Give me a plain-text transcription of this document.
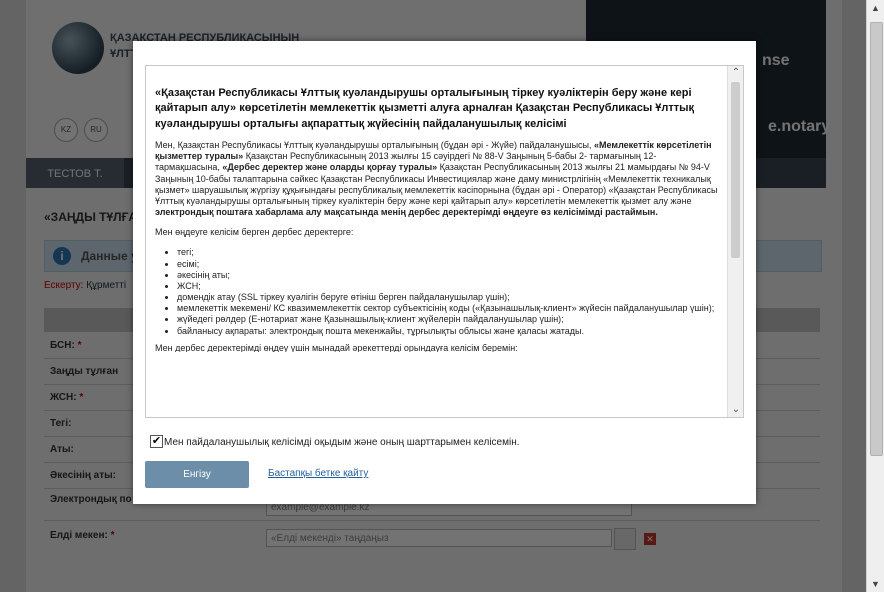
▲
▼
«Қазақстан Республикасы Ұлттық куәландырушы орталығының тіркеу куәліктерін беру және кері қайтарып алу» көрсетілетін мемлекеттік қызметті алуға арналған Қазақстан Республикасы Ұлттық куәландырушы орталығы ақпараттық жүйесінің пайдаланушылық келісімі

Мен, Қазақстан Республикасы Ұлттық куәландырушы орталығының (бұдан әрі - Жүйе) пайдаланушысы, «Мемлекеттік көрсетілетін қызметтер туралы» Қазақстан Республикасының 2013 жылғы 15 сәуірдегі № 88-V Заңының 5-бабы 2- тармағының 12-тармақшасына, «Дербес деректер және оларды қорғау туралы» Қазақстан Республикасының 2013 жылғы 21 мамырдағы № 94-V Заңының 10-бабы талаптарына сәйкес Қазақстан Республикасы Инвестициялар және даму министрлігінің «Мемлекеттік техникалық қызмет» шаруашылық жүргізу құқығындағы республикалық мемлекеттік кәсіпорнына (бұдан әрі - Оператор) «Қазақстан Республикасы Ұлттық куәландырушы орталығының тіркеу куәліктерін беру және кері қайтарып алу» көрсетілетін мемлекеттік қызмет алу және электрондық поштаға хабарлама алу мақсатында менің дербес деректерімді өңдеуге өз келісімімді растаймын.

Мен өңдеуге келісім берген дербес деректерге:

• тегі;
• есімі;
• әкесінің аты;
• ЖСН;
• домендік атау (SSL тіркеу куәлігін беруге өтініш берген пайдаланушылар үшін);
• мемлекеттік мекемені/ КС квазимемлекеттік сектор субъектісінің коды («Қазынашылық-клиент» жүйесін пайдаланушылар үшін);
• жүйедегі рөлдер (Е-нотариат және Қазынашылық-клиент жүйелерін пайдаланушылар үшін);
• байланысу ақпараты: электрондық пошта мекенжайы, тұрғылықты облысы және қаласы жатады.
Мен дербес деректерімді өңдеу үшін мынадай әрекеттерді орындауға келісім беремін:
⌃
⌄
✔ Мен пайдаланушылық келісімді оқыдым және оның шарттарымен келісемін.
Енгізу	Бастапқы бетке қайту
